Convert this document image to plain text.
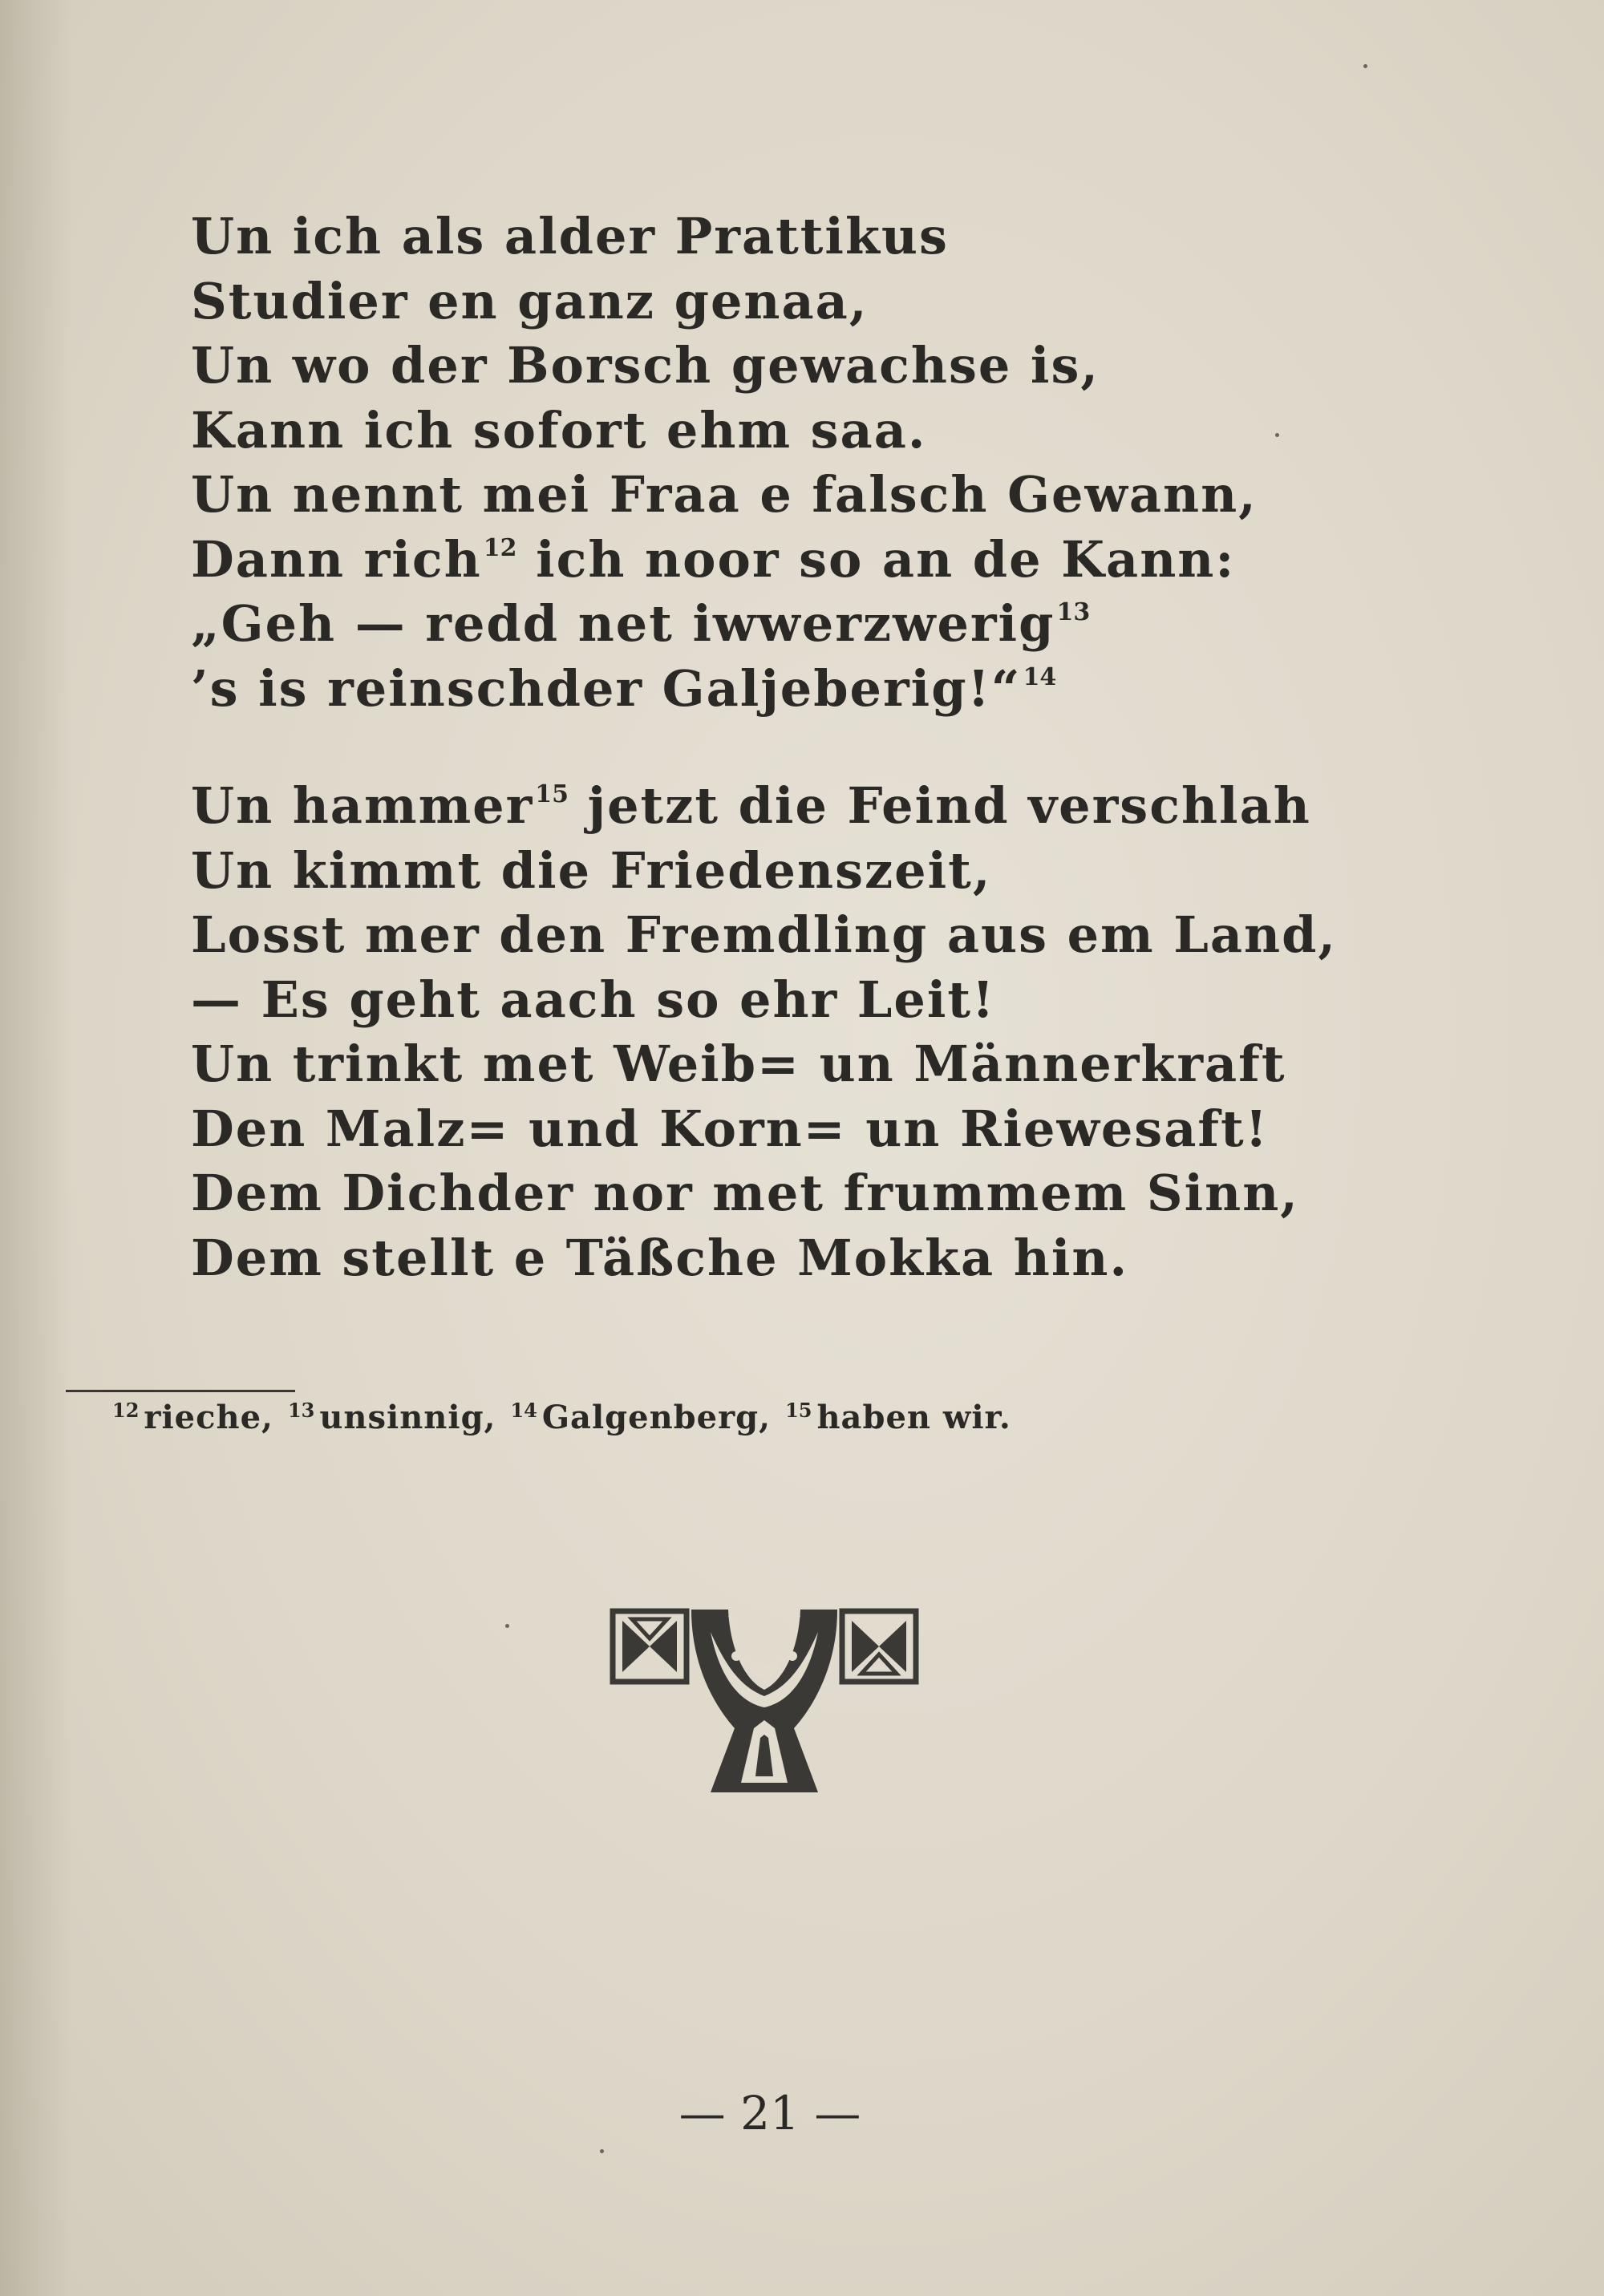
Un ich als alder Prattikus
Studier en ganz genaa,
Un wo der Borsch gewachse is,
Kann ich sofort ehm saa.
Un nennt mei Fraa e falsch Gewann,
Dann rich$^{12}$ ich noor so an de Kann:
„Geh — redd net iwwerzwerig$^{13}$
’s is reinschder Galjeberig!“$^{14}$
Un hammer$^{15}$ jetzt die Feind verschlah
Un kimmt die Friedenszeit,
Losst mer den Fremdling aus em Land,
— Es geht aach so ehr Leit!
Un trinkt met Weib= un Männerkraft
Den Malz= und Korn= un Riewesaft!
Dem Dichder nor met frummem Sinn,
Dem stellt e Täßche Mokka hin.
$^{12}$ rieche, $^{13}$ unsinnig, $^{14}$ Galgenberg, $^{15}$ haben wir.
— 21 —
